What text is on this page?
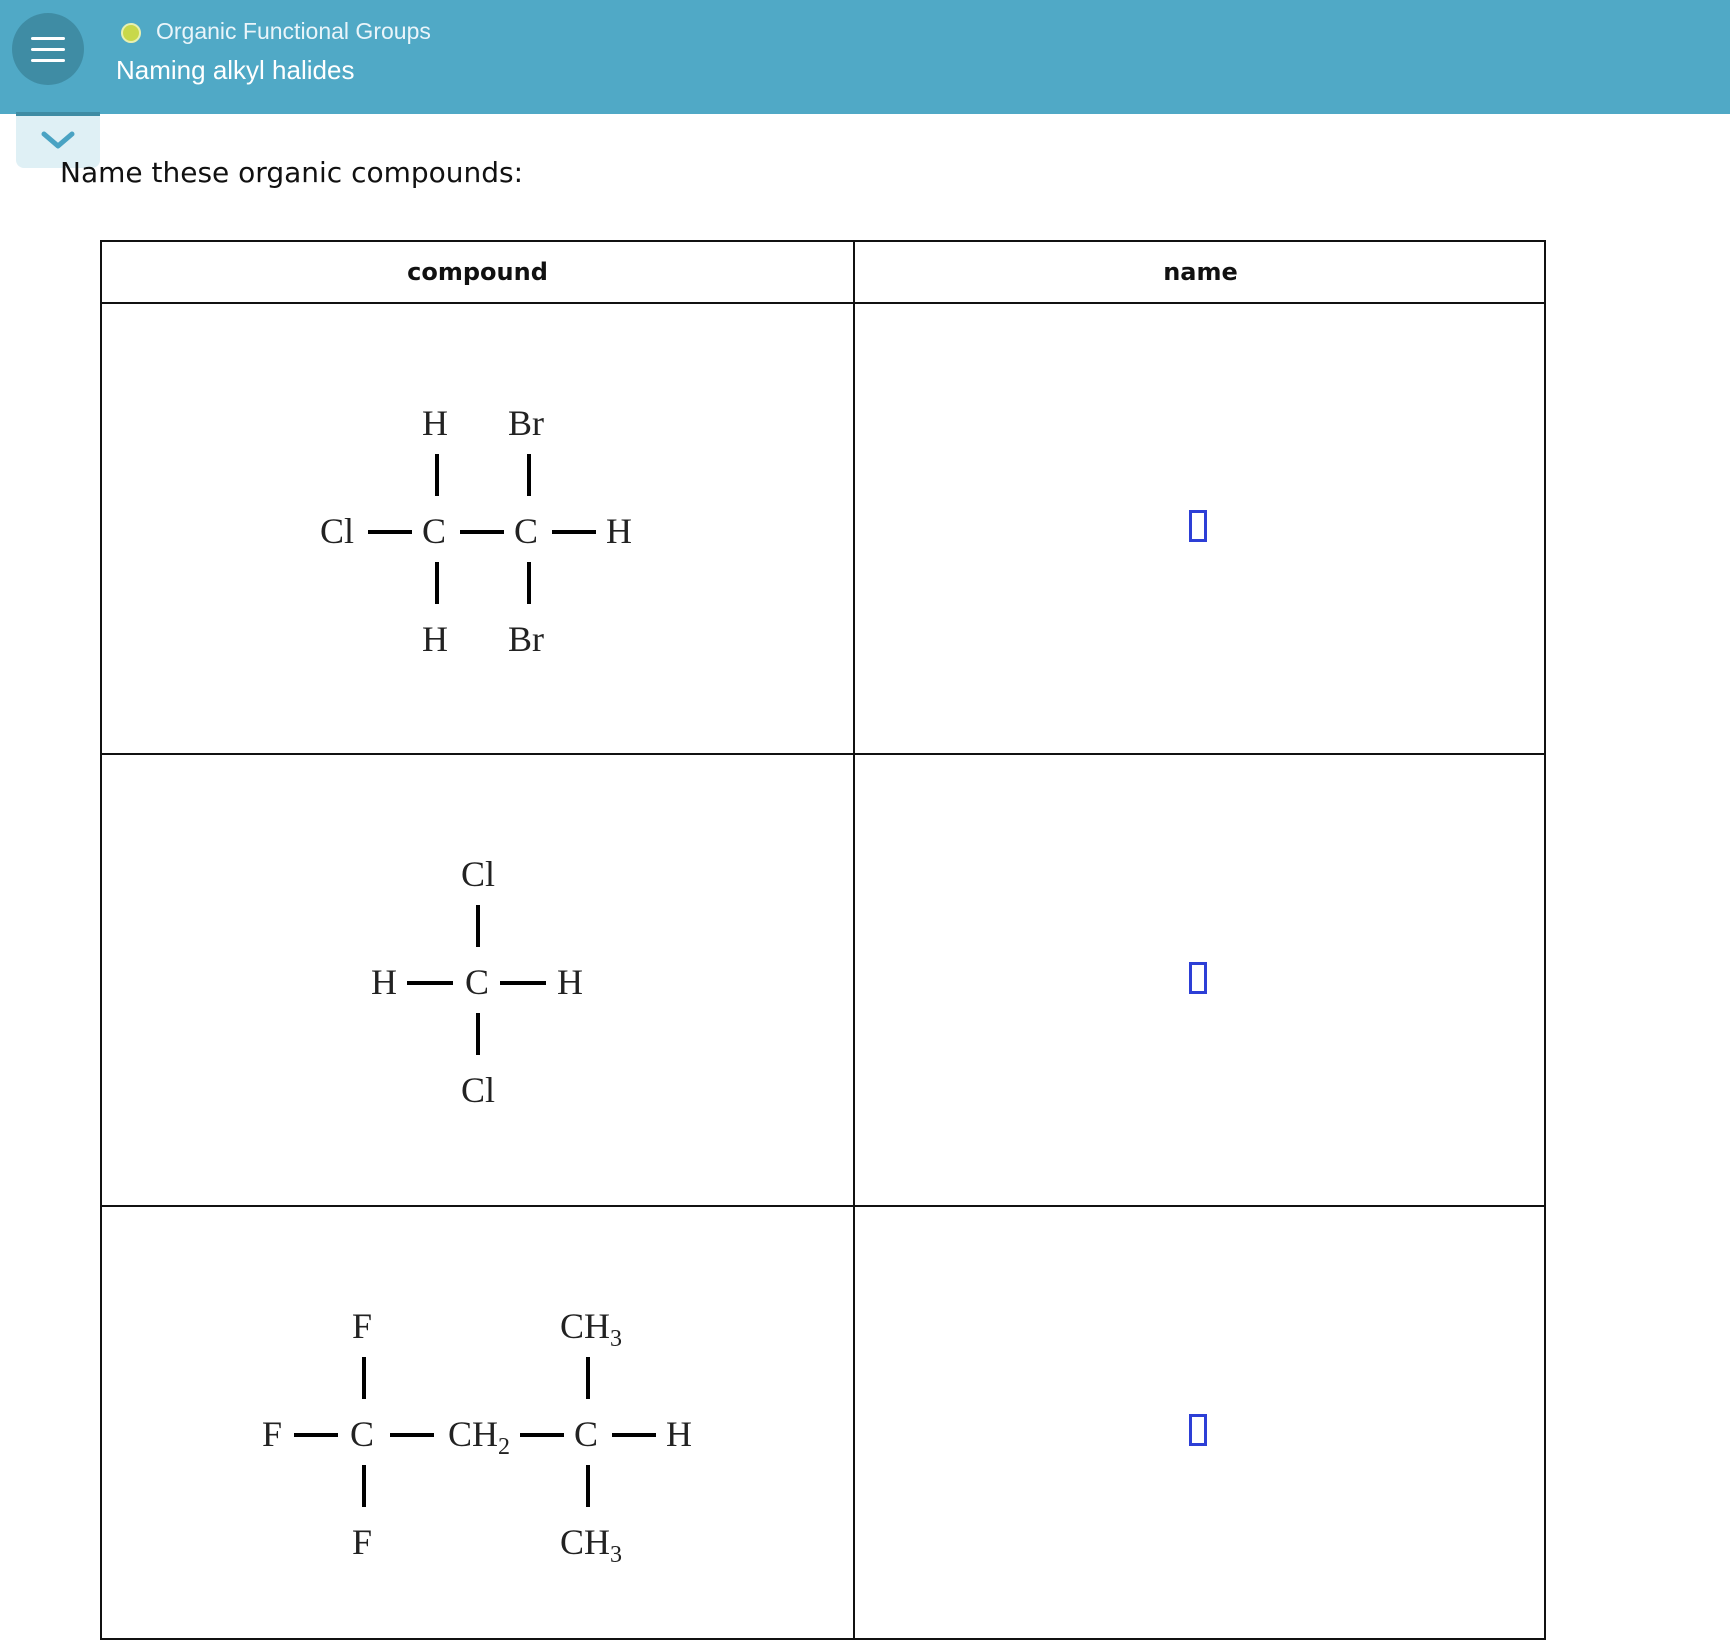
Organic Functional Groups
Naming alkyl halides
Name these organic compounds:
compound	name
H Br
Cl C C H
H Br
Cl
H C H
Cl
F	$CH_3$
F C $CH_2$ C H
F	$CH_3$
